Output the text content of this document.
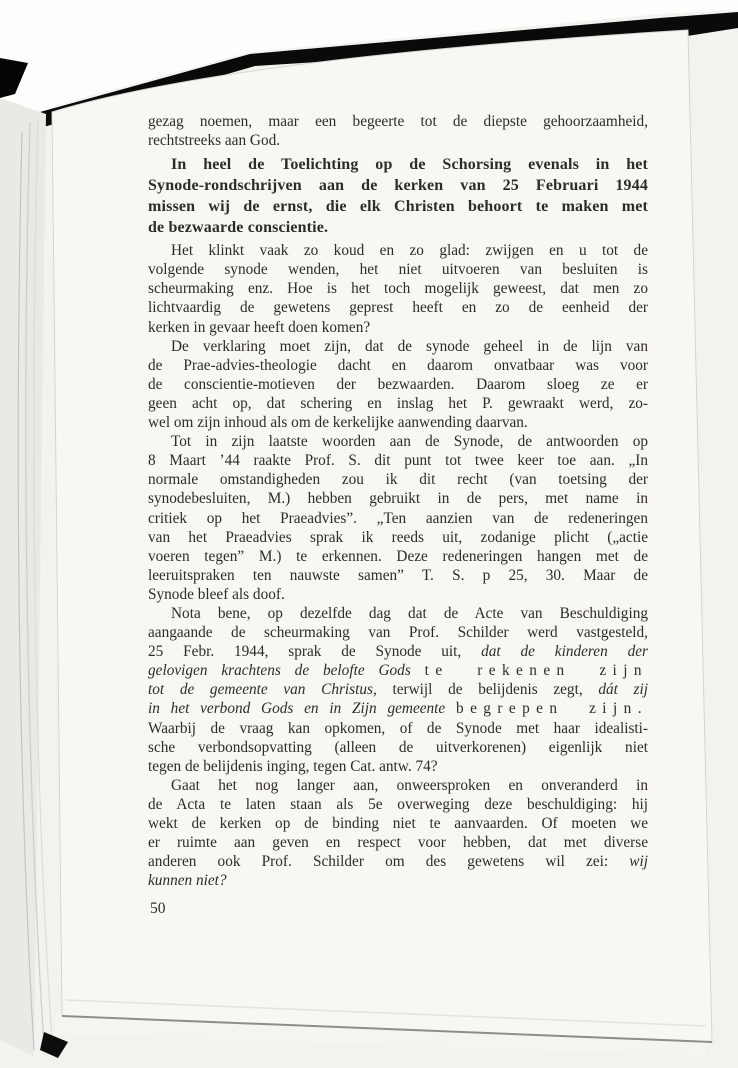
gezag noemen, maar een begeerte tot de diepste gehoorzaamheid,
rechtstreeks aan God.
In heel de Toelichting op de Schorsing evenals in het
Synode-rondschrijven aan de kerken van 25 Februari 1944
missen wij de ernst, die elk Christen behoort te maken met
de bezwaarde conscientie.
Het klinkt vaak zo koud en zo glad: zwijgen en u tot de
volgende synode wenden, het niet uitvoeren van besluiten is
scheurmaking enz. Hoe is het toch mogelijk geweest, dat men zo
lichtvaardig de gewetens geprest heeft en zo de eenheid der
kerken in gevaar heeft doen komen?
De verklaring moet zijn, dat de synode geheel in de lijn van
de Prae-advies-theologie dacht en daarom onvatbaar was voor
de conscientie-motieven der bezwaarden. Daarom sloeg ze er
geen acht op, dat schering en inslag het P. gewraakt werd, zo-
wel om zijn inhoud als om de kerkelijke aanwending daarvan.
Tot in zijn laatste woorden aan de Synode, de antwoorden op
8 Maart ’44 raakte Prof. S. dit punt tot twee keer toe aan. „In
normale omstandigheden zou ik dit recht (van toetsing der
synodebesluiten, M.) hebben gebruikt in de pers, met name in
critiek op het Praeadvies”. „Ten aanzien van de redeneringen
van het Praeadvies sprak ik reeds uit, zodanige plicht („actie
voeren tegen” M.) te erkennen. Deze redeneringen hangen met de
leeruitspraken ten nauwste samen” T. S. p 25, 30. Maar de
Synode bleef als doof.
Nota bene, op dezelfde dag dat de Acte van Beschuldiging
aangaande de scheurmaking van Prof. Schilder werd vastgesteld,
25 Febr. 1944, sprak de Synode uit, dat de kinderen der
gelovigen krachtens de belofte Gods te rekenen zijn
tot de gemeente van Christus, terwijl de belijdenis zegt, dát zij
in het verbond Gods en in Zijn gemeente begrepen zijn.
Waarbij de vraag kan opkomen, of de Synode met haar idealisti-
sche verbondsopvatting (alleen de uitverkorenen) eigenlijk niet
tegen de belijdenis inging, tegen Cat. antw. 74?
Gaat het nog langer aan, onweersproken en onveranderd in
de Acta te laten staan als 5e overweging deze beschuldiging: hij
wekt de kerken op de binding niet te aanvaarden. Of moeten we
er ruimte aan geven en respect voor hebben, dat met diverse
anderen ook Prof. Schilder om des gewetens wil zei: wij
kunnen niet?
50
